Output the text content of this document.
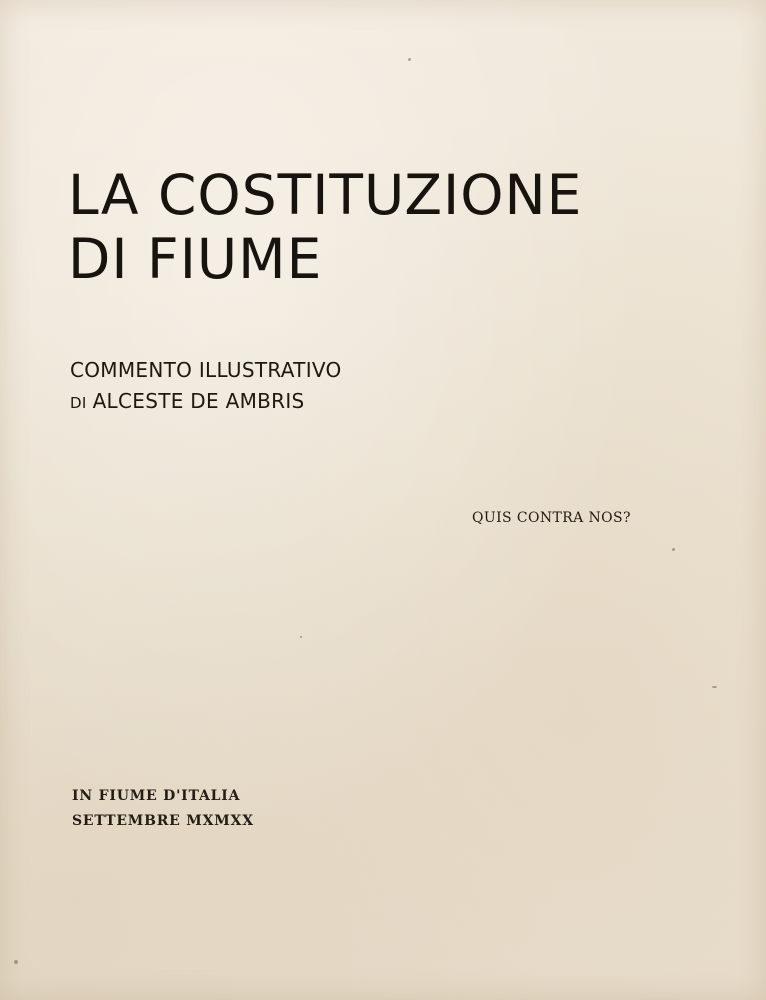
LA COSTITUZIONE
DI FIUME
COMMENTO ILLUSTRATIVO
DI ALCESTE DE AMBRIS
QUIS CONTRA NOS?
IN FIUME D'ITALIA
SETTEMBRE MXMXX
